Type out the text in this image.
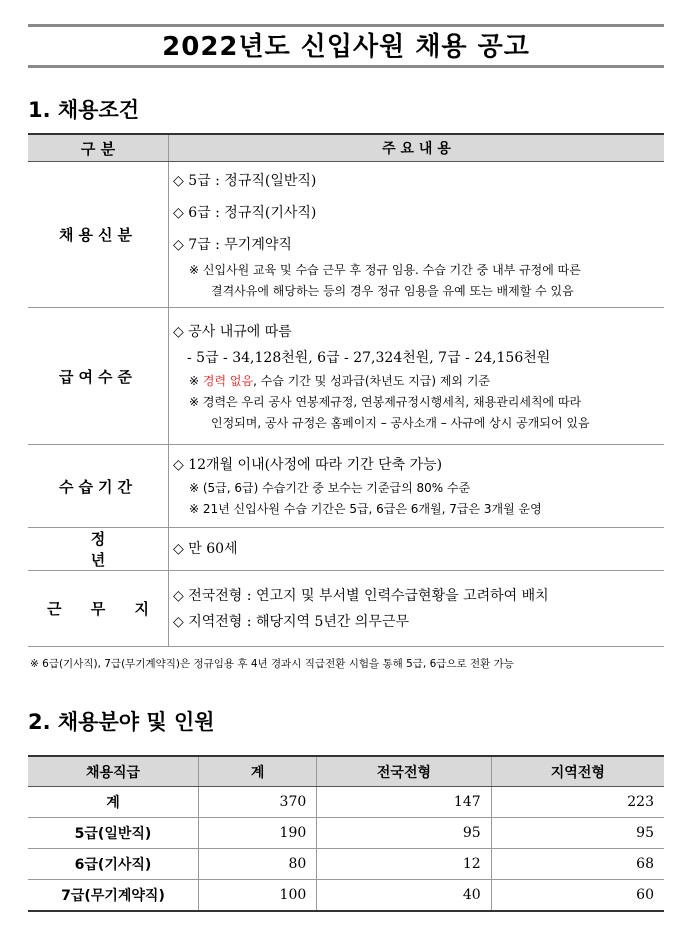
2022년도 신입사원 채용 공고
1. 채용조건
구 분	주 요 내 용
채용신분	◇ 5급 : 정규직(일반직)
◇ 6급 : 정규직(기사직)
◇ 7급 : 무기계약직
※ 신입사원 교육 및 수습 근무 후 정규 임용. 수습 기간 중 내부 규정에 따른
결격사유에 해당하는 등의 경우 정규 임용을 유예 또는 배제할 수 있음

급여수준	◇ 공사 내규에 따름
- 5급 - 34,128천원, 6급 - 27,324천원, 7급 - 24,156천원
※ 경력 없음, 수습 기간 및 성과급(차년도 지급) 제외 기준
※ 경력은 우리 공사 연봉제규정, 연봉제규정시행세칙, 채용관리세칙에 따라
인정되며, 공사 규정은 홈페이지 – 공사소개 – 사규에 상시 공개되어 있음

수습기간	◇ 12개월 이내(사정에 따라 기간 단축 가능)
※ (5급, 6급) 수습기간 중 보수는 기준급의 80% 수준
※ 21년 신입사원 수습 기간은 5급, 6급은 6개월, 7급은 3개월 운영

정 년	◇ 만 60세

근 무 지	◇ 전국전형 : 연고지 및 부서별 인력수급현황을 고려하여 배치
◇ 지역전형 : 해당지역 5년간 의무근무
※ 6급(기사직), 7급(무기계약직)은 정규임용 후 4년 경과시 직급전환 시험을 통해 5급, 6급으로 전환 가능
2. 채용분야 및 인원
채용직급	계	전국전형	지역전형
계	370	147	223
5급(일반직)	190	95	95
6급(기사직)	80	12	68
7급(무기계약직)	100	40	60
